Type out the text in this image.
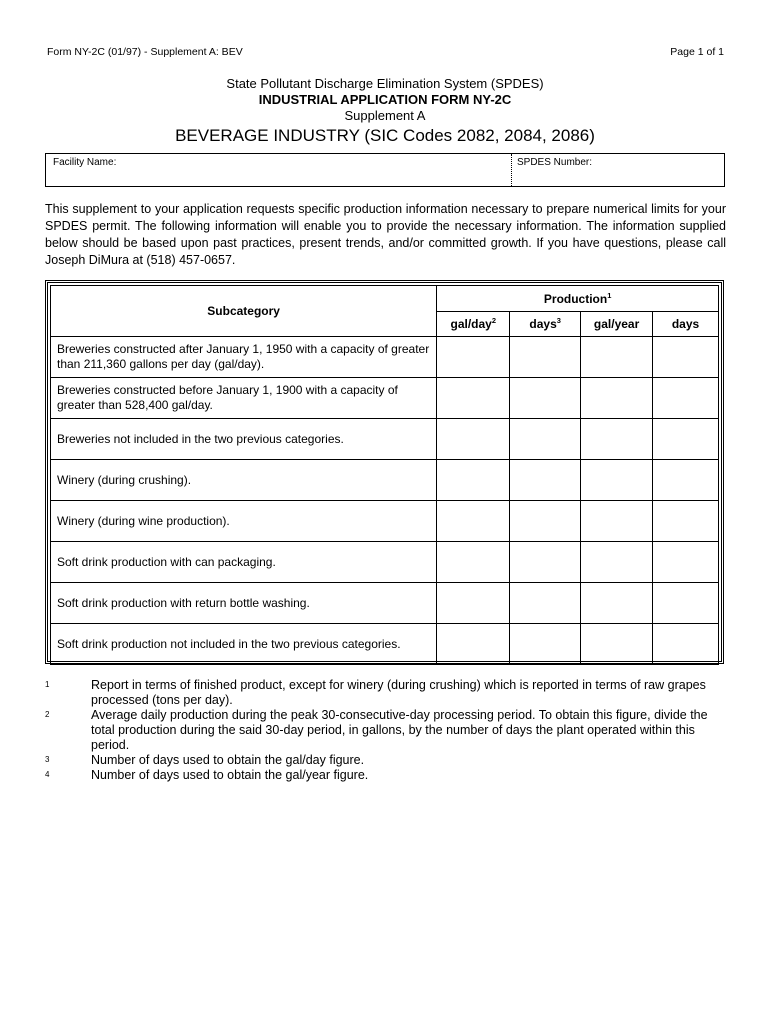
Form NY-2C (01/97) - Supplement A: BEV	Page 1 of 1
State Pollutant Discharge Elimination System (SPDES)
INDUSTRIAL APPLICATION FORM NY-2C
Supplement A
BEVERAGE INDUSTRY (SIC Codes 2082, 2084, 2086)
Facility Name:	SPDES Number:
This supplement to your application requests specific production information necessary to prepare numerical limits for your SPDES permit. The following information will enable you to provide the necessary information. The information supplied below should be based upon past practices, present trends, and/or committed growth. If you have questions, please call Joseph DiMura at (518) 457-0657.
Subcategory	Production$^1$
	gal/day$^2$	days$^3$	gal/year	days
Breweries constructed after January 1, 1950 with a capacity of greater than 211,360 gallons per day (gal/day).				
Breweries constructed before January 1, 1900 with a capacity of greater than 528,400 gal/day.				
Breweries not included in the two previous categories.				
Winery (during crushing).				
Winery (during wine production).				
Soft drink production with can packaging.				
Soft drink production with return bottle washing.				
Soft drink production not included in the two previous categories.				
1	Report in terms of finished product, except for winery (during crushing) which is reported in terms of raw grapes processed (tons per day).
2	Average daily production during the peak 30-consecutive-day processing period. To obtain this figure, divide the total production during the said 30-day period, in gallons, by the number of days the plant operated within this period.
3	Number of days used to obtain the gal/day figure.
4	Number of days used to obtain the gal/year figure.
